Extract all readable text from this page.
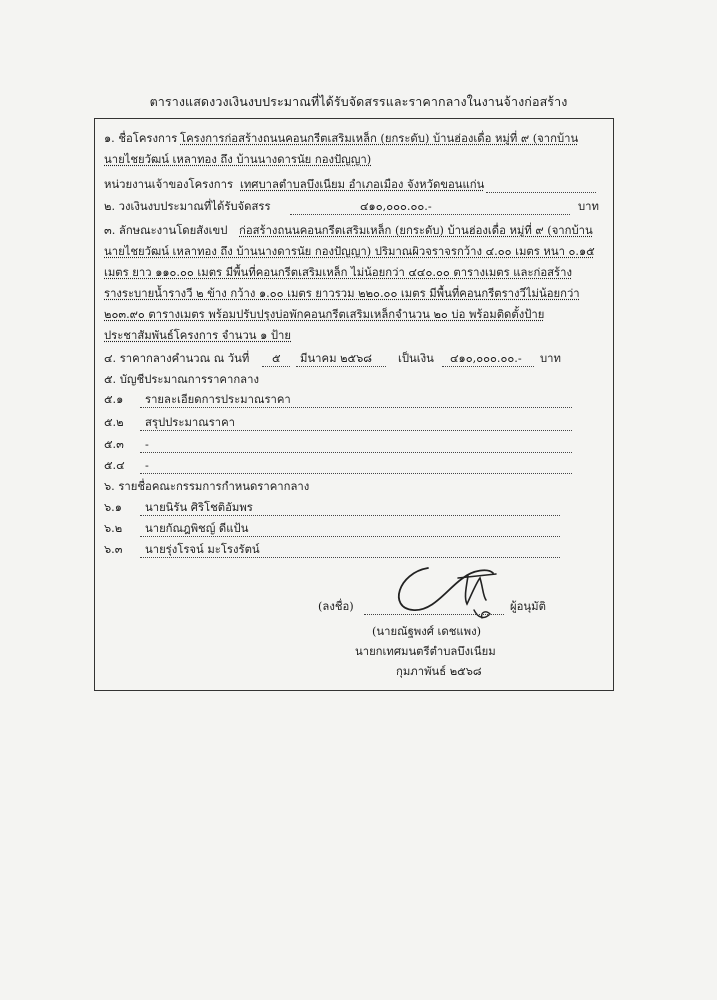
ตารางแสดงวงเงินงบประมาณที่ได้รับจัดสรรและราคากลางในงานจ้างก่อสร้าง
๑. ชื่อโครงการ โครงการก่อสร้างถนนคอนกรีตเสริมเหล็ก (ยกระดับ) บ้านฮ่องเดื่อ หมู่ที่ ๙ (จากบ้าน
นายไชยวัฒน์ เหลาทอง ถึง บ้านนางดารนัย กองปัญญา)
หน่วยงานเจ้าของโครงการ เทศบาลตำบลบึงเนียม อำเภอเมือง จังหวัดขอนแก่น
๒. วงเงินงบประมาณที่ได้รับจัดสรร	๔๑๐,๐๐๐.๐๐.-	บาท
๓. ลักษณะงานโดยสังเขป ก่อสร้างถนนคอนกรีตเสริมเหล็ก (ยกระดับ) บ้านฮ่องเดื่อ หมู่ที่ ๙ (จากบ้าน
นายไชยวัฒน์ เหลาทอง ถึง บ้านนางดารนัย กองปัญญา) ปริมาณผิวจราจรกว้าง ๔.๐๐ เมตร หนา ๐.๑๕
เมตร ยาว ๑๑๐.๐๐ เมตร มีพื้นที่คอนกรีตเสริมเหล็ก ไม่น้อยกว่า ๔๔๐.๐๐ ตารางเมตร และก่อสร้าง
รางระบายน้ำรางวี ๒ ข้าง กว้าง ๑.๐๐ เมตร ยาวรวม ๒๒๐.๐๐ เมตร มีพื้นที่คอนกรีตรางวีไม่น้อยกว่า
๒๐๓.๙๐ ตารางเมตร พร้อมปรับปรุงบ่อพักคอนกรีตเสริมเหล็กจำนวน ๒๐ บ่อ พร้อมติดตั้งป้าย
ประชาสัมพันธ์โครงการ จำนวน ๑ ป้าย
๔. ราคากลางคำนวณ ณ วันที่ ๕ มีนาคม ๒๕๖๘ เป็นเงิน ๔๑๐,๐๐๐.๐๐.- บาท
๕. บัญชีประมาณการราคากลาง
๕.๑ รายละเอียดการประมาณราคา
๕.๒ สรุปประมาณราคา
๕.๓ -
๕.๔ -
๖. รายชื่อคณะกรรมการกำหนดราคากลาง
๖.๑ นายนิรัน ศิริโชติอัมพร
๖.๒ นายกัณฎพิชญ์ ดีแป้น
๖.๓ นายรุ่งโรจน์ มะโรงรัตน์
(ลงชื่อ)	ผู้อนุมัติ
(นายณัฐพงศ์ เดชแพง)
นายกเทศมนตรีตำบลบึงเนียม
กุมภาพันธ์ ๒๕๖๘
